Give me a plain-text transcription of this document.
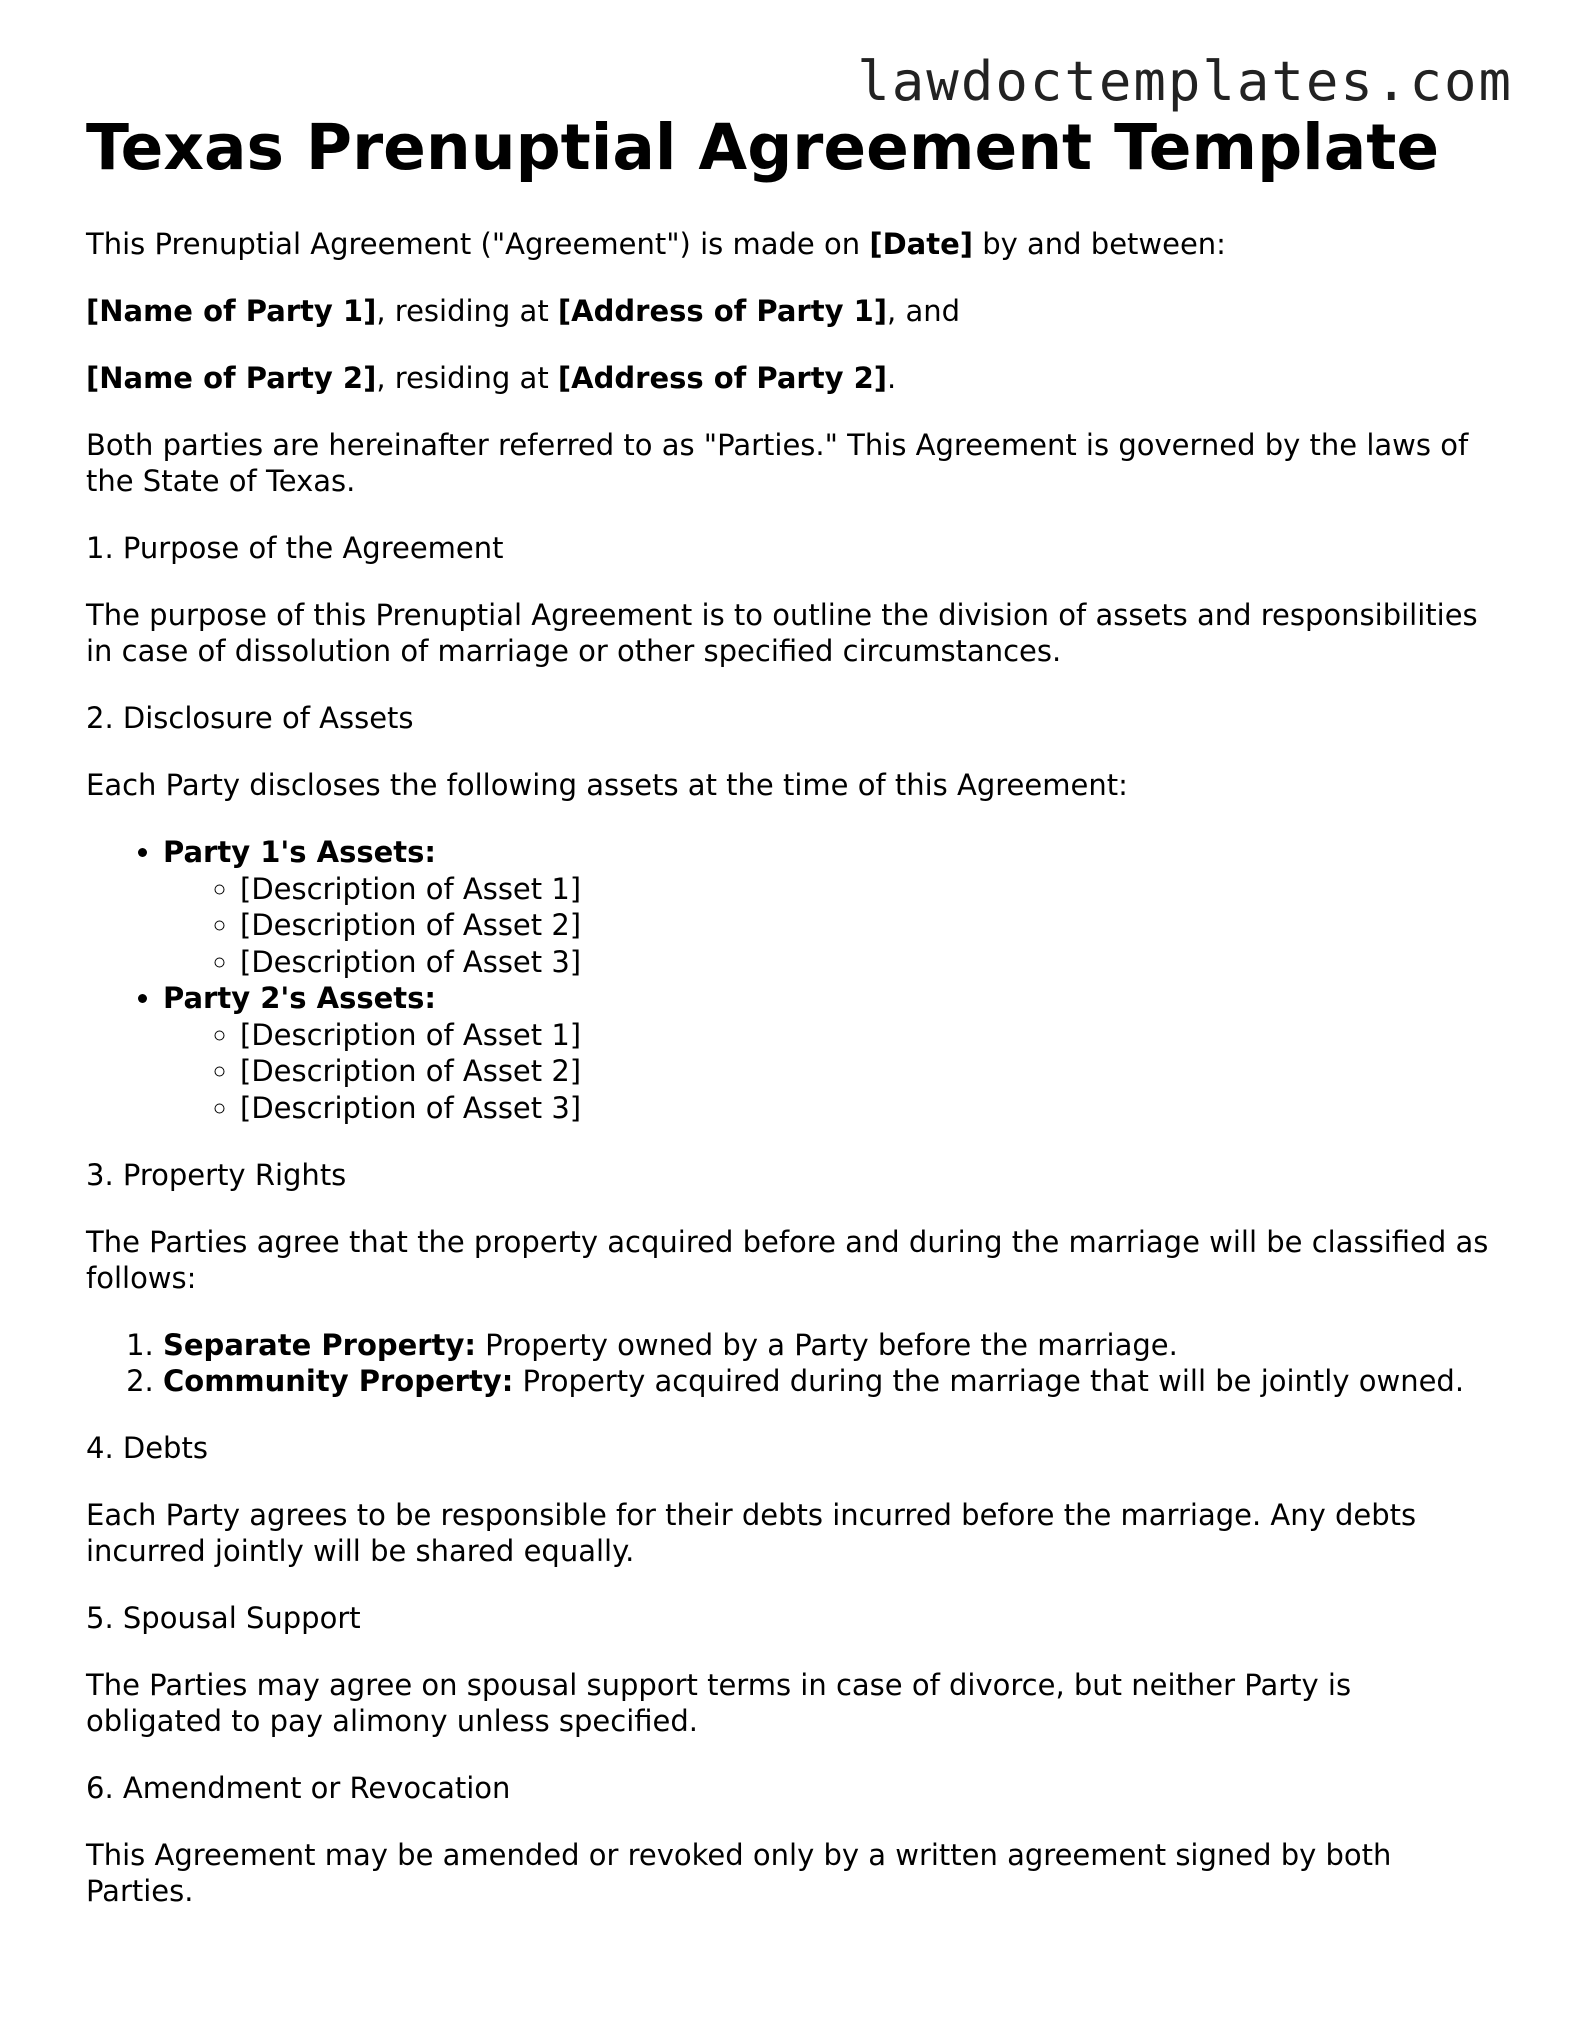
lawdoctemplates.com
Texas Prenuptial Agreement Template

This Prenuptial Agreement ("Agreement") is made on [Date] by and between:

[Name of Party 1], residing at [Address of Party 1], and

[Name of Party 2], residing at [Address of Party 2].

Both parties are hereinafter referred to as "Parties." This Agreement is governed by the laws of the State of Texas.

1. Purpose of the Agreement

The purpose of this Prenuptial Agreement is to outline the division of assets and responsibilities in case of dissolution of marriage or other specified circumstances.

2. Disclosure of Assets

Each Party discloses the following assets at the time of this Agreement:

• Party 1's Assets:
◦ [Description of Asset 1]
◦ [Description of Asset 2]
◦ [Description of Asset 3]
• Party 2's Assets:
◦ [Description of Asset 1]
◦ [Description of Asset 2]
◦ [Description of Asset 3]

3. Property Rights

The Parties agree that the property acquired before and during the marriage will be classified as follows:

1. Separate Property: Property owned by a Party before the marriage.
2. Community Property: Property acquired during the marriage that will be jointly owned.

4. Debts

Each Party agrees to be responsible for their debts incurred before the marriage. Any debts incurred jointly will be shared equally.

5. Spousal Support

The Parties may agree on spousal support terms in case of divorce, but neither Party is obligated to pay alimony unless specified.

6. Amendment or Revocation

This Agreement may be amended or revoked only by a written agreement signed by both Parties.
